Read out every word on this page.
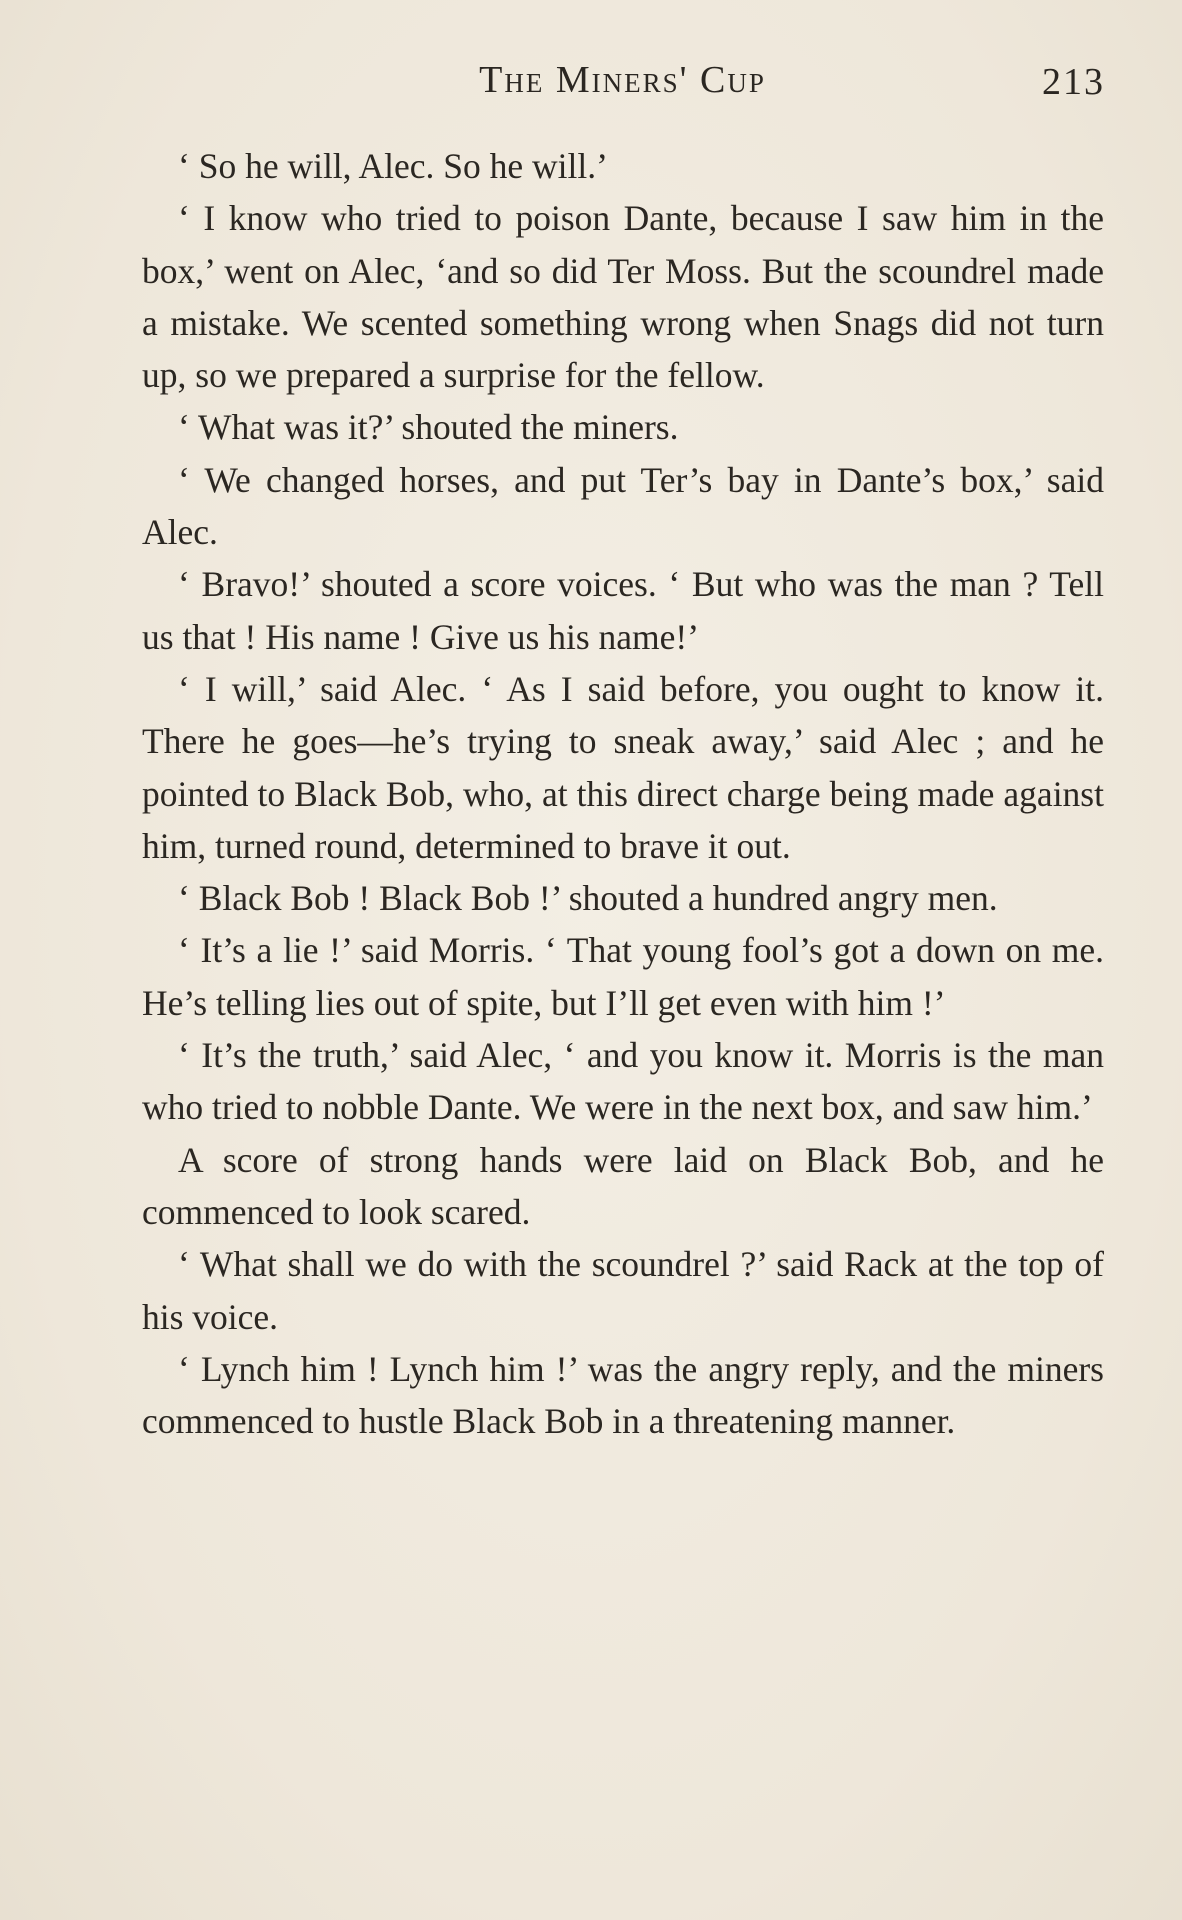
The Miners' Cup	213

‘ So he will, Alec. So he will.’

‘ I know who tried to poison Dante, because I saw him in the box,’ went on Alec, ‘and so did Ter Moss. But the scoundrel made a mistake. We scented something wrong when Snags did not turn up, so we prepared a surprise for the fellow.

‘ What was it?’ shouted the miners.

‘ We changed horses, and put Ter’s bay in Dante’s box,’ said Alec.

‘ Bravo!’ shouted a score voices. ‘ But who was the man ? Tell us that ! His name ! Give us his name!’

‘ I will,’ said Alec. ‘ As I said before, you ought to know it. There he goes—he’s trying to sneak away,’ said Alec ; and he pointed to Black Bob, who, at this direct charge being made against him, turned round, determined to brave it out.

‘ Black Bob ! Black Bob !’ shouted a hundred angry men.

‘ It’s a lie !’ said Morris. ‘ That young fool’s got a down on me. He’s telling lies out of spite, but I’ll get even with him !’

‘ It’s the truth,’ said Alec, ‘ and you know it. Morris is the man who tried to nobble Dante. We were in the next box, and saw him.’

A score of strong hands were laid on Black Bob, and he commenced to look scared.

‘ What shall we do with the scoundrel ?’ said Rack at the top of his voice.

‘ Lynch him ! Lynch him !’ was the angry reply, and the miners commenced to hustle Black Bob in a threatening manner.
